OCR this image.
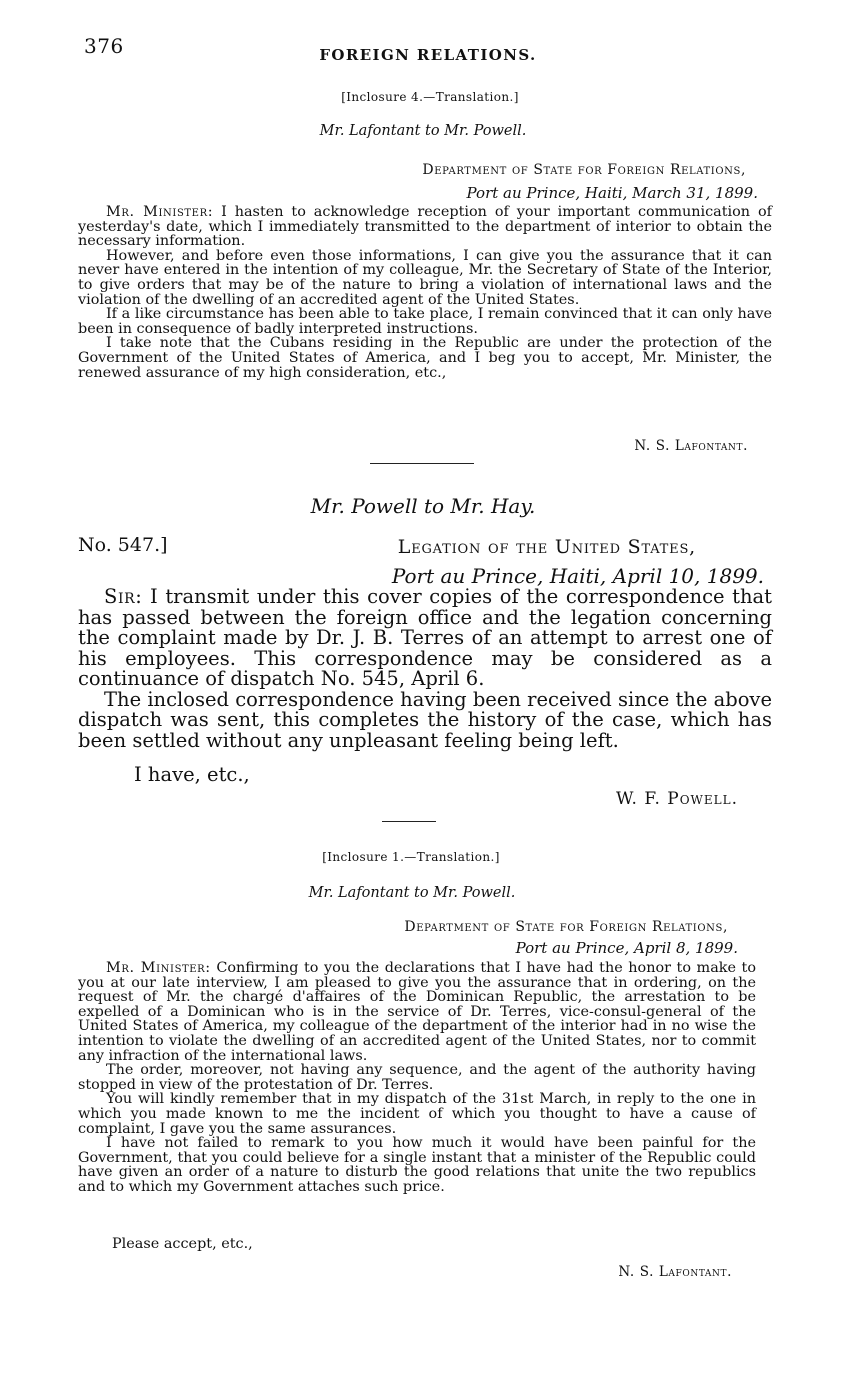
376	FOREIGN RELATIONS.
[Inclosure 4.—Translation.]
Mr. Lafontant to Mr. Powell.
Department of State for Foreign Relations,
Port au Prince, Haiti, March 31, 1899.

Mr. Minister: I hasten to acknowledge reception of your important communication of yesterday's date, which I immediately transmitted to the department of interior to obtain the necessary information.

However, and before even those informations, I can give you the assurance that it can never have entered in the intention of my colleague, Mr. the Secretary of State of the Interior, to give orders that may be of the nature to bring a violation of international laws and the violation of the dwelling of an accredited agent of the United States.

If a like circumstance has been able to take place, I remain convinced that it can only have been in consequence of badly interpreted instructions.

I take note that the Cubans residing in the Republic are under the protection of the Government of the United States of America, and I beg you to accept, Mr. Minister, the renewed assurance of my high consideration, etc.,

N. S. Lafontant.
Mr. Powell to Mr. Hay.
No. 547.]	Legation of the United States,
Port au Prince, Haiti, April 10, 1899.

Sir: I transmit under this cover copies of the correspondence that has passed between the foreign office and the legation concerning the complaint made by Dr. J. B. Terres of an attempt to arrest one of his employees. This correspondence may be considered as a continuance of dispatch No. 545, April 6.

The inclosed correspondence having been received since the above dispatch was sent, this completes the history of the case, which has been settled without any unpleasant feeling being left.

I have, etc.,
W. F. Powell.
[Inclosure 1.—Translation.]
Mr. Lafontant to Mr. Powell.
Department of State for Foreign Relations,
Port au Prince, April 8, 1899.

Mr. Minister: Confirming to you the declarations that I have had the honor to make to you at our late interview, I am pleased to give you the assurance that in ordering, on the request of Mr. the chargé d'affaires of the Dominican Republic, the arrestation to be expelled of a Dominican who is in the service of Dr. Terres, vice-consul-general of the United States of America, my colleague of the department of the interior had in no wise the intention to violate the dwelling of an accredited agent of the United States, nor to commit any infraction of the international laws.

The order, moreover, not having any sequence, and the agent of the authority having stopped in view of the protestation of Dr. Terres.

You will kindly remember that in my dispatch of the 31st March, in reply to the one in which you made known to me the incident of which you thought to have a cause of complaint, I gave you the same assurances.

I have not failed to remark to you how much it would have been painful for the Government, that you could believe for a single instant that a minister of the Republic could have given an order of a nature to disturb the good relations that unite the two republics and to which my Government attaches such price.

Please accept, etc.,
N. S. Lafontant.
